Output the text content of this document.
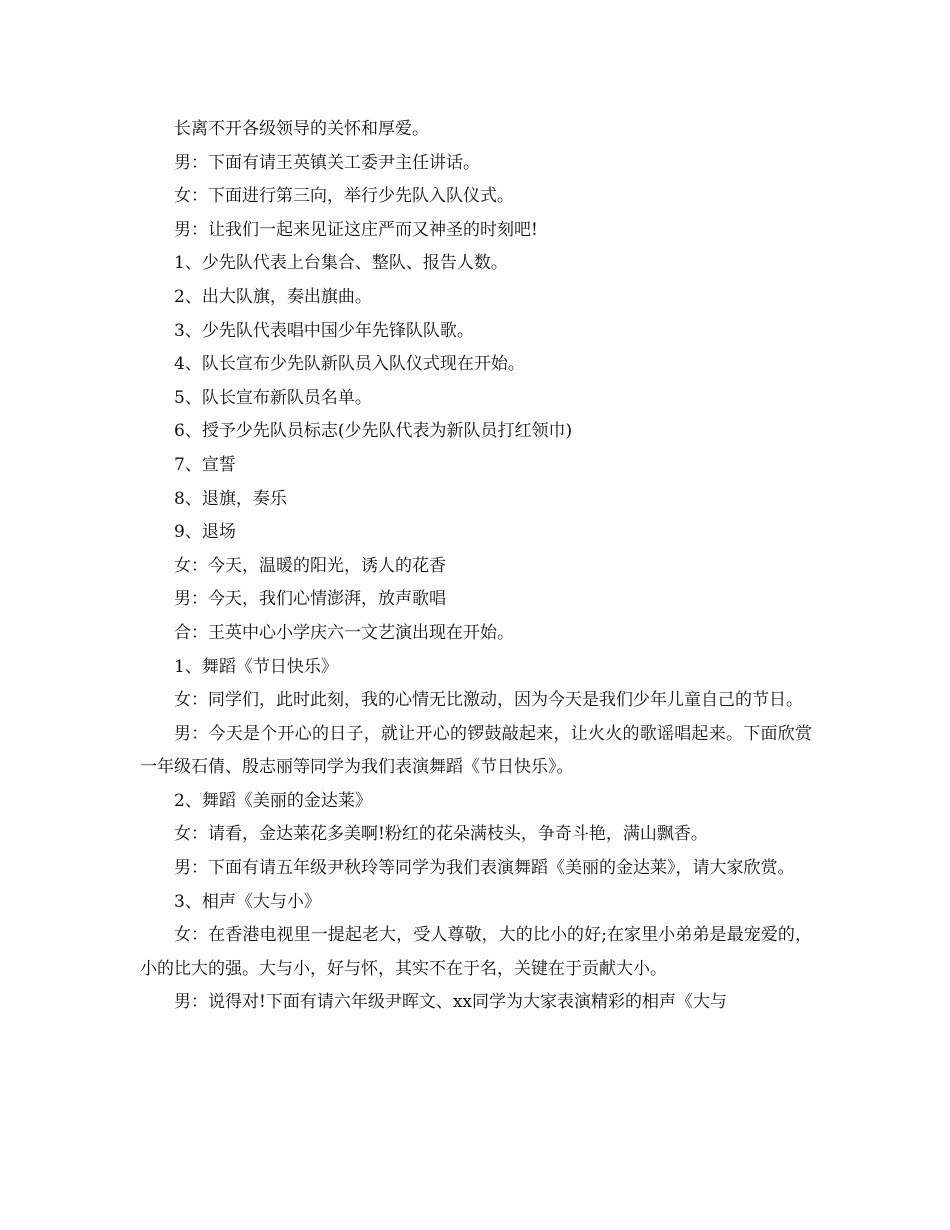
长离不开各级领导的关怀和厚爱。

男：下面有请王英镇关工委尹主任讲话。

女：下面进行第三向，举行少先队入队仪式。

男：让我们一起来见证这庄严而又神圣的时刻吧!

1、少先队代表上台集合、整队、报告人数。

2、出大队旗，奏出旗曲。

3、少先队代表唱中国少年先锋队队歌。

4、队长宣布少先队新队员入队仪式现在开始。

5、队长宣布新队员名单。

6、授予少先队员标志(少先队代表为新队员打红领巾)

7、宣誓

8、退旗，奏乐

9、退场

女：今天，温暖的阳光，诱人的花香

男：今天，我们心情澎湃，放声歌唱

合：王英中心小学庆六一文艺演出现在开始。

1、舞蹈《节日快乐》

女：同学们，此时此刻，我的心情无比激动，因为今天是我们少年儿童自己的节日。

男：今天是个开心的日子，就让开心的锣鼓敲起来，让火火的歌谣唱起来。下面欣赏一年级石倩、殷志丽等同学为我们表演舞蹈《节日快乐》。

2、舞蹈《美丽的金达莱》

女：请看，金达莱花多美啊!粉红的花朵满枝头，争奇斗艳，满山飘香。

男：下面有请五年级尹秋玲等同学为我们表演舞蹈《美丽的金达莱》，请大家欣赏。

3、相声《大与小》

女：在香港电视里一提起老大，受人尊敬，大的比小的好;在家里小弟弟是最宠爱的，小的比大的强。大与小，好与怀，其实不在于名，关键在于贡献大小。

男：说得对!下面有请六年级尹晖文、xx同学为大家表演精彩的相声《大与
